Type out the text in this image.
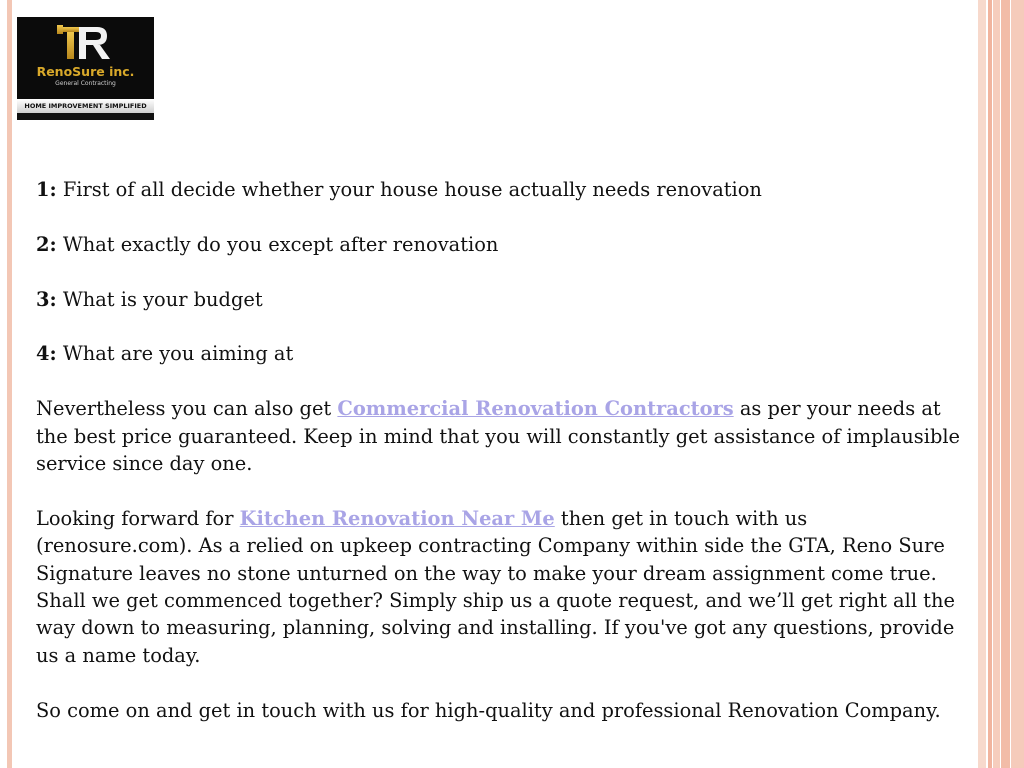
RenoSure inc.
General Contracting
HOME IMPROVEMENT SIMPLIFIED

1: First of all decide whether your house house actually needs renovation

2: What exactly do you except after renovation

3: What is your budget

4: What are you aiming at

Nevertheless you can also get Commercial Renovation Contractors as per your needs at the best price guaranteed. Keep in mind that you will constantly get assistance of implausible service since day one.

Looking forward for Kitchen Renovation Near Me then get in touch with us (renosure.com). As a relied on upkeep contracting Company within side the GTA, Reno Sure Signature leaves no stone unturned on the way to make your dream assignment come true. Shall we get commenced together? Simply ship us a quote request, and we’ll get right all the way down to measuring, planning, solving and installing. If you've got any questions, provide us a name today.

So come on and get in touch with us for high-quality and professional Renovation Company.
